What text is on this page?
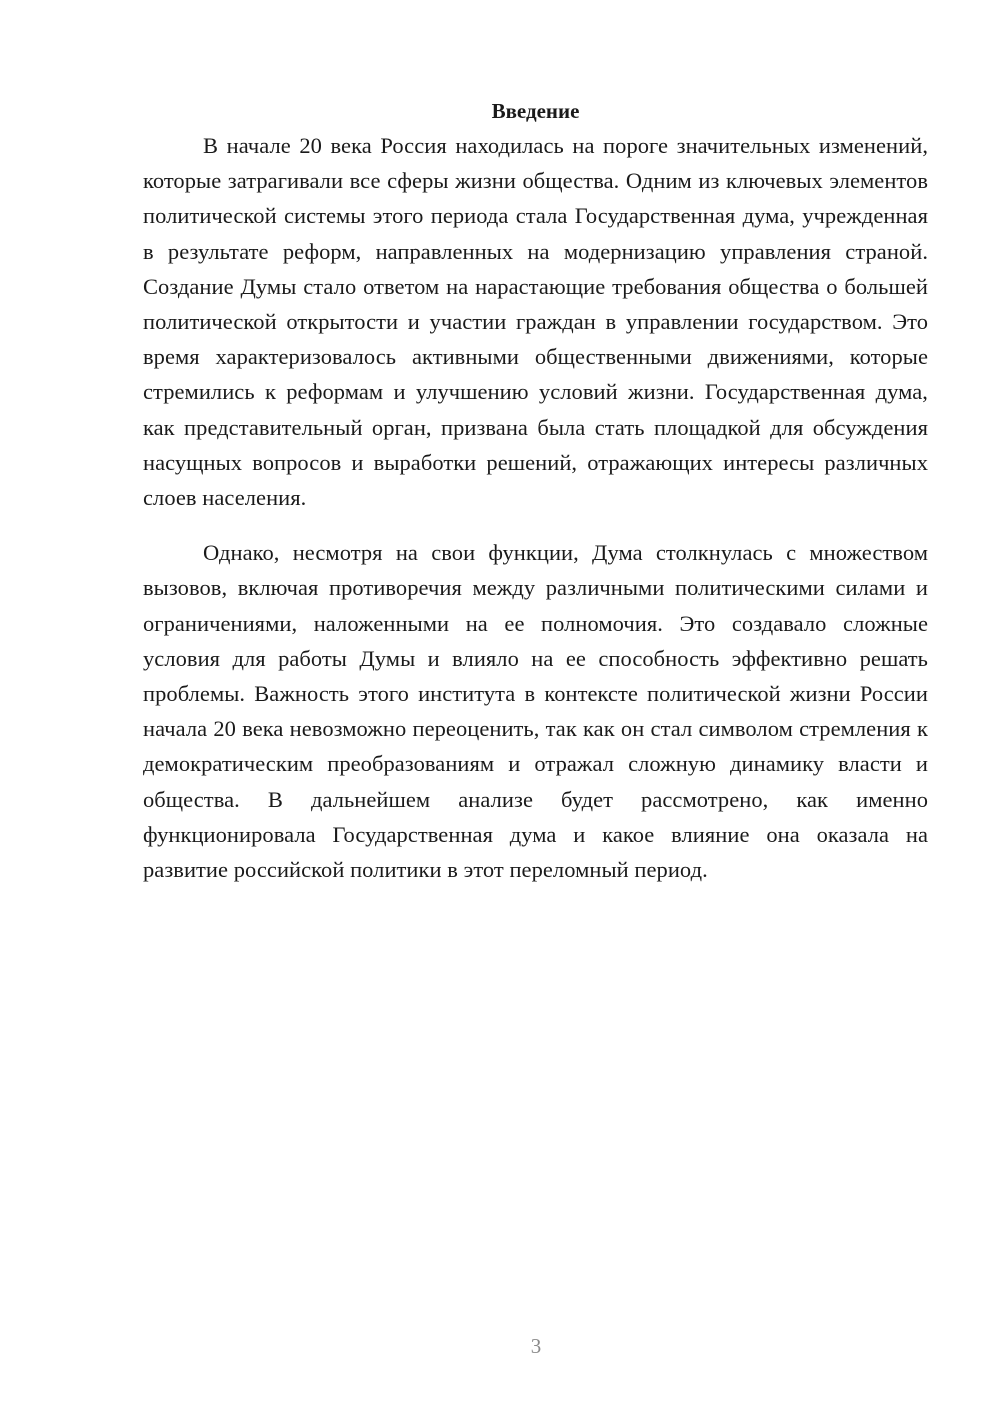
Введение

В начале 20 века Россия находилась на пороге значительных изменений, которые затрагивали все сферы жизни общества. Одним из ключевых элементов политической системы этого периода стала Государственная дума, учрежденная в результате реформ, направленных на модернизацию управления страной. Создание Думы стало ответом на нарастающие требования общества о большей политической открытости и участии граждан в управлении государством. Это время характеризовалось активными общественными движениями, которые стремились к реформам и улучшению условий жизни. Государственная дума, как представительный орган, призвана была стать площадкой для обсуждения насущных вопросов и выработки решений, отражающих интересы различных слоев населения.

Однако, несмотря на свои функции, Дума столкнулась с множеством вызовов, включая противоречия между различными политическими силами и ограничениями, наложенными на ее полномочия. Это создавало сложные условия для работы Думы и влияло на ее способность эффективно решать проблемы. Важность этого института в контексте политической жизни России начала 20 века невозможно переоценить, так как он стал символом стремления к демократическим преобразованиям и отражал сложную динамику власти и общества. В дальнейшем анализе будет рассмотрено, как именно функционировала Государственная дума и какое влияние она оказала на развитие российской политики в этот переломный период.

3
